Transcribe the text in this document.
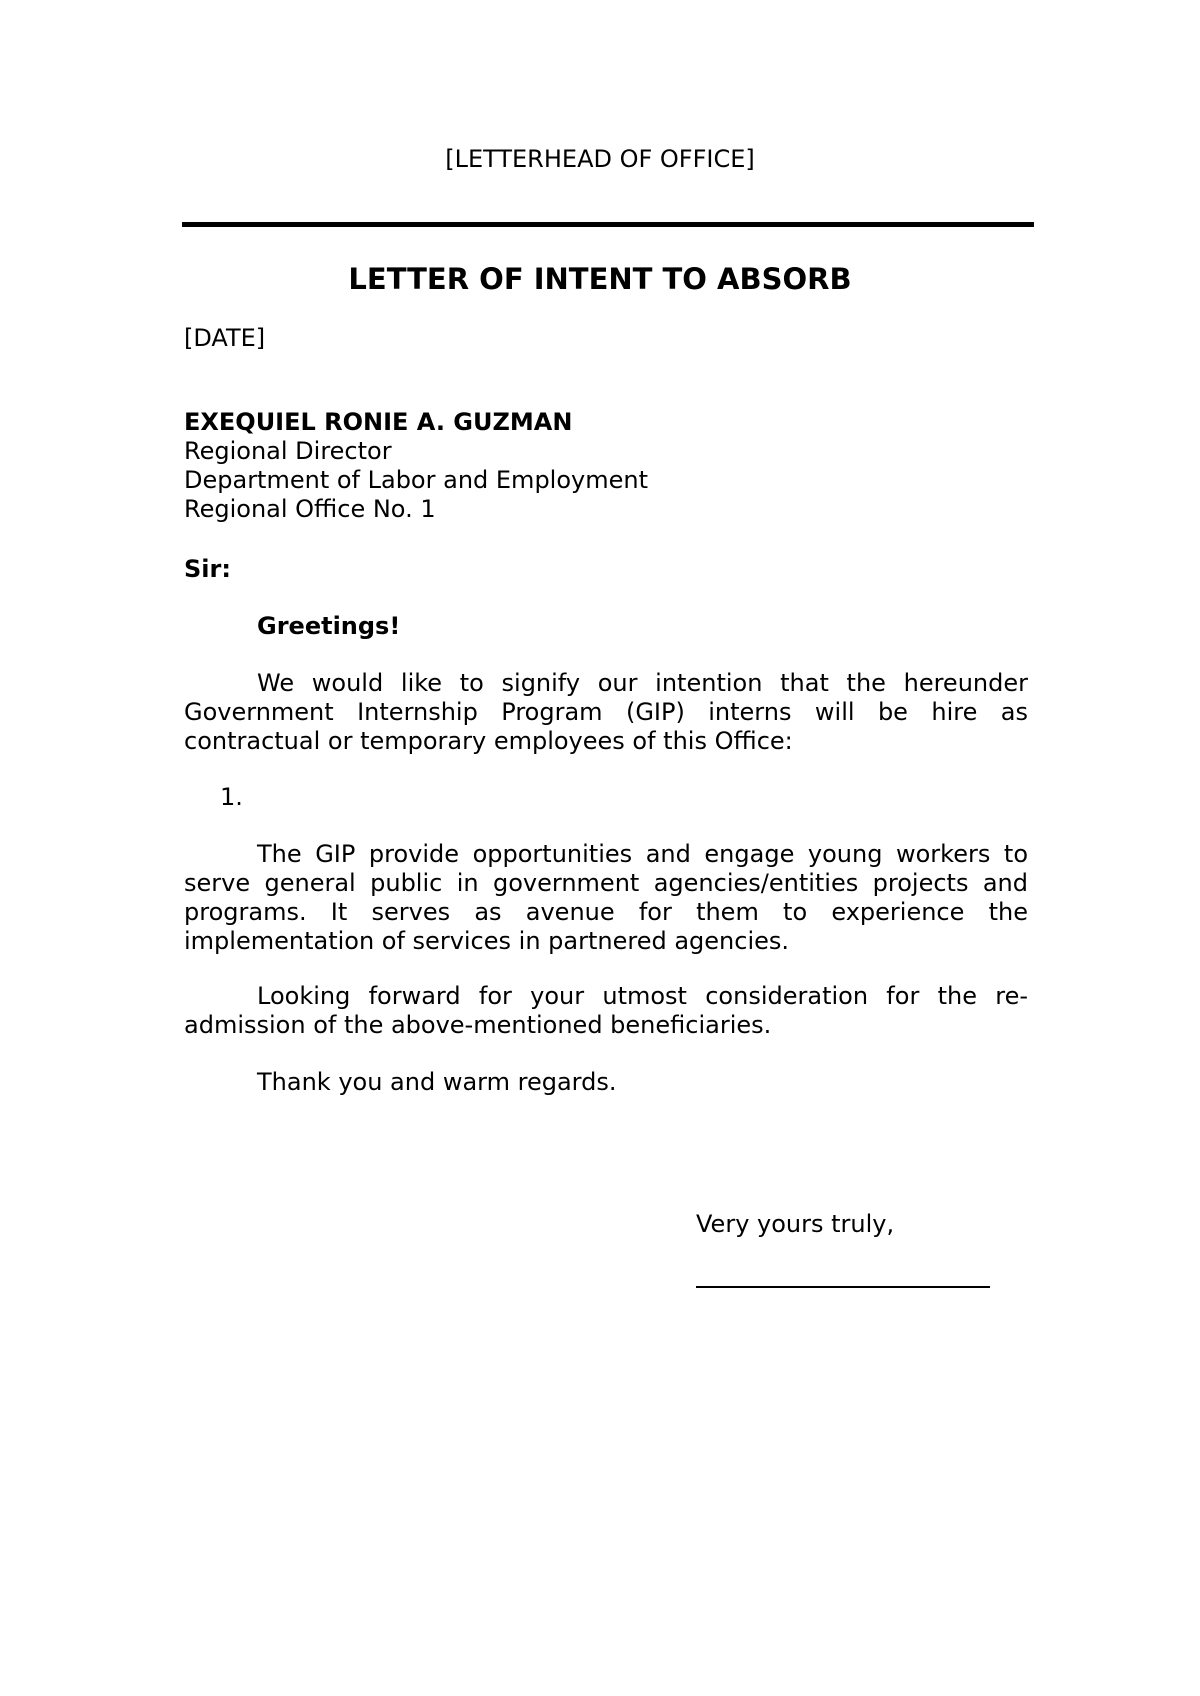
[LETTERHEAD OF OFFICE]
LETTER OF INTENT TO ABSORB
[DATE]
EXEQUIEL RONIE A. GUZMAN
Regional Director
Department of Labor and Employment
Regional Office No. 1
Sir:
Greetings!
We would like to signify our intention that the hereunder Government Internship Program (GIP) interns will be hire as contractual or temporary employees of this Office:
1.
The GIP provide opportunities and engage young workers to serve general public in government agencies/entities projects and programs. It serves as avenue for them to experience the implementation of services in partnered agencies.
Looking forward for your utmost consideration for the re-admission of the above-mentioned beneficiaries.
Thank you and warm regards.
Very yours truly,
